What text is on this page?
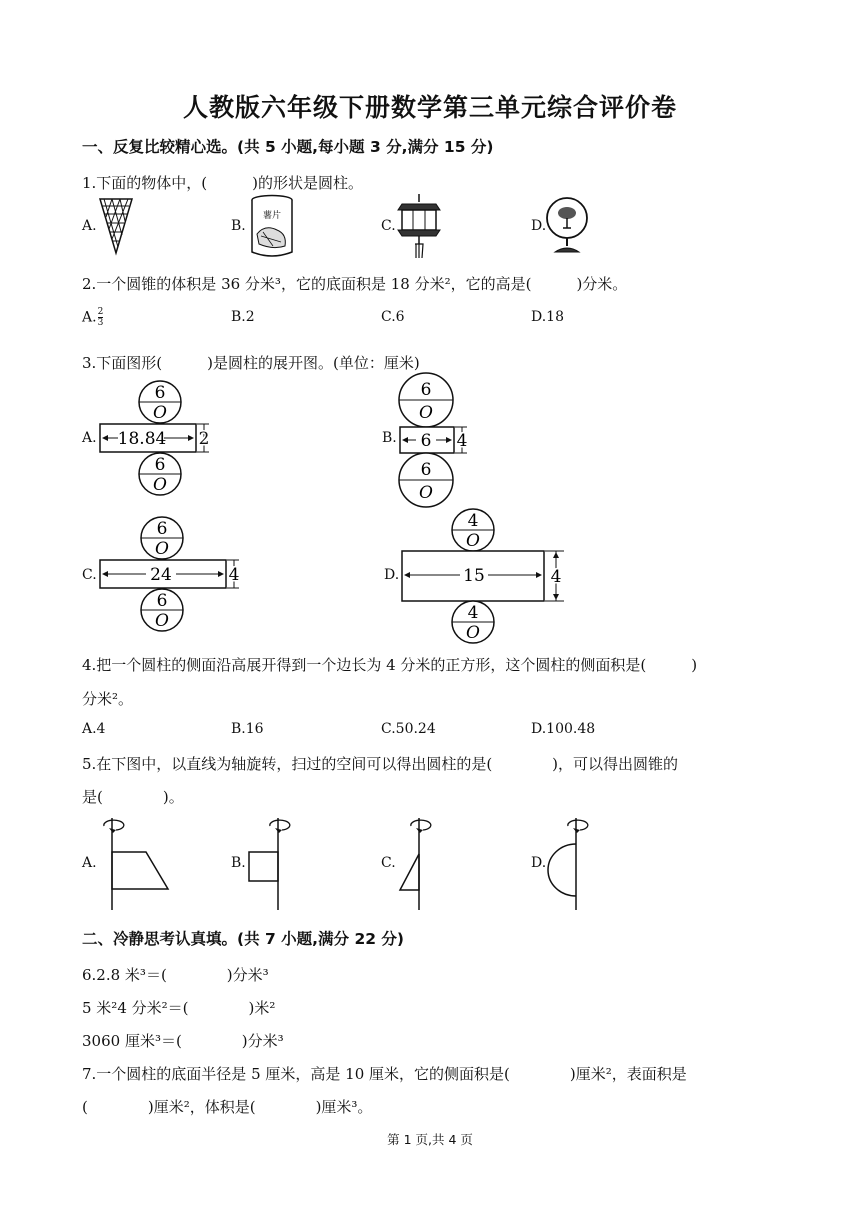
人教版六年级下册数学第三单元综合评价卷
一、反复比较精心选。(共 5 小题,每小题 3 分,满分 15 分)
1.下面的物体中，(　　　)的形状是圆柱。
A.	B.	C.	D.
薯片
2.一个圆锥的体积是 36 分米³，它的底面积是 18 分米²，它的高是(　　　)分米。
A. $\frac{2}{3}$	B.2	C.6	D.18
3.下面图形(　　　)是圆柱的展开图。(单位：厘米)
A.	B.
C.	D.
6
O
18.84 2
6
O
6
O
6 4
6
O
6
O
24	4
6
O
4
O
15	4
4
O
4.把一个圆柱的侧面沿高展开得到一个边长为 4 分米的正方形，这个圆柱的侧面积是(　　　)
分米²。
A.4	B.16	C.50.24	D.100.48
5.在下图中，以直线为轴旋转，扫过的空间可以得出圆柱的是(　　　　)，可以得出圆锥的
是(　　　　)。
A.	B.	C.	D.
二、冷静思考认真填。(共 7 小题,满分 22 分)
6.2.8 米³＝(　　　　)分米³
5 米²4 分米²＝(　　　　)米²
3060 厘米³＝(　　　　)分米³
7.一个圆柱的底面半径是 5 厘米，高是 10 厘米，它的侧面积是(　　　　)厘米²，表面积是
(　　　　)厘米²，体积是(　　　　)厘米³。
第 1 页,共 4 页
